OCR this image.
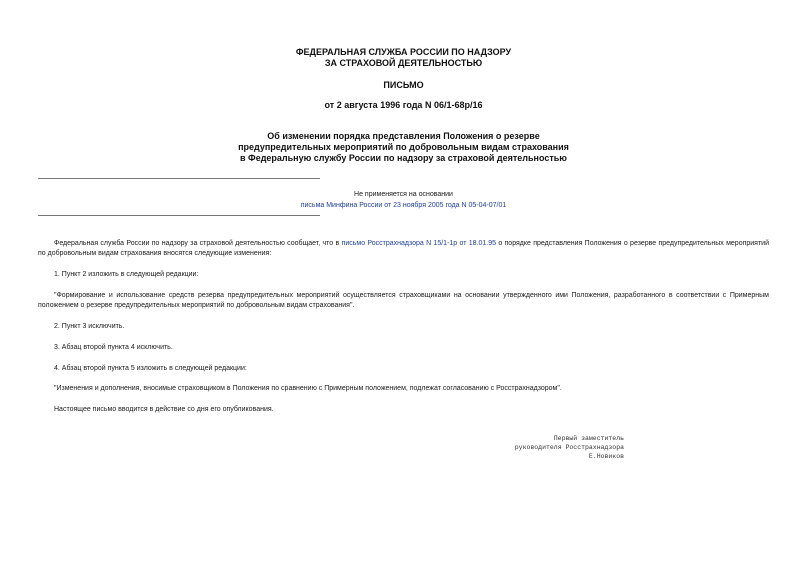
ФЕДЕРАЛЬНАЯ СЛУЖБА РОССИИ ПО НАДЗОРУ
ЗА СТРАХОВОЙ ДЕЯТЕЛЬНОСТЬЮ
ПИСЬМО
от 2 августа 1996 года N 06/1-68р/16
Об изменении порядка представления Положения о резерве
предупредительных мероприятий по добровольным видам страхования
в Федеральную службу России по надзору за страховой деятельностью
Не применяется на основании
письма Минфина России от 23 ноября 2005 года N 05-04-07/01
Федеральная служба России по надзору за страховой деятельностью сообщает, что в письмо Росстрахнадзора N 15/1-1р от 18.01.95 о порядке представления Положения о резерве предупредительных мероприятий по добровольным видам страхования вносятся следующие изменения:
1. Пункт 2 изложить в следующей редакции:
"Формирование и использование средств резерва предупредительных мероприятий осуществляется страховщиками на основании утвержденного ими Положения, разработанного в соответствии с Примерным положением о резерве предупредительных мероприятий по добровольным видам страхования".
2. Пункт 3 исключить.
3. Абзац второй пункта 4 исключить.
4. Абзац второй пункта 5 изложить в следующей редакции:
"Изменения и дополнения, вносимые страховщиком в Положения по сравнению с Примерным положением, подлежат согласованию с Росстрахнадзором".
Настоящее письмо вводится в действие со дня его опубликования.
Первый заместитель
руководителя Росстрахнадзора
Е.Новиков
